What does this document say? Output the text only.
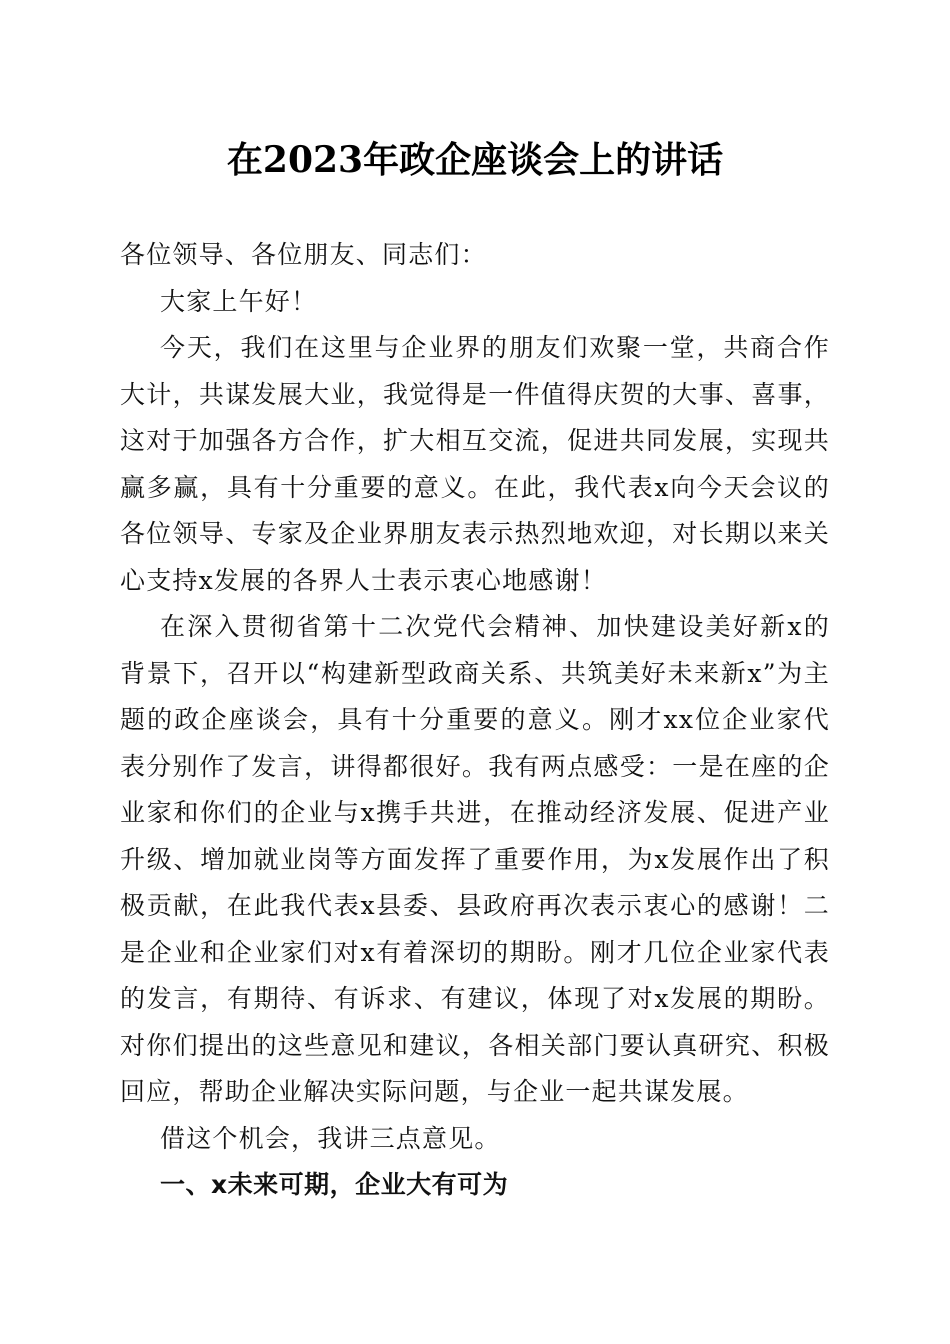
在2023年政企座谈会上的讲话

各位领导、各位朋友、同志们：

大家上午好！

今天，我们在这里与企业界的朋友们欢聚一堂，共商合作大计，共谋发展大业，我觉得是一件值得庆贺的大事、喜事，这对于加强各方合作，扩大相互交流，促进共同发展，实现共赢多赢，具有十分重要的意义。在此，我代表x向今天会议的各位领导、专家及企业界朋友表示热烈地欢迎，对长期以来关心支持x发展的各界人士表示衷心地感谢！

在深入贯彻省第十二次党代会精神、加快建设美好新x的背景下，召开以“构建新型政商关系、共筑美好未来新x”为主题的政企座谈会，具有十分重要的意义。刚才xx位企业家代表分别作了发言，讲得都很好。我有两点感受：一是在座的企业家和你们的企业与x携手共进，在推动经济发展、促进产业升级、增加就业岗等方面发挥了重要作用，为x发展作出了积极贡献，在此我代表x县委、县政府再次表示衷心的感谢！二是企业和企业家们对x有着深切的期盼。刚才几位企业家代表的发言，有期待、有诉求、有建议，体现了对x发展的期盼。对你们提出的这些意见和建议，各相关部门要认真研究、积极回应，帮助企业解决实际问题，与企业一起共谋发展。

借这个机会，我讲三点意见。

一、x未来可期，企业大有可为
